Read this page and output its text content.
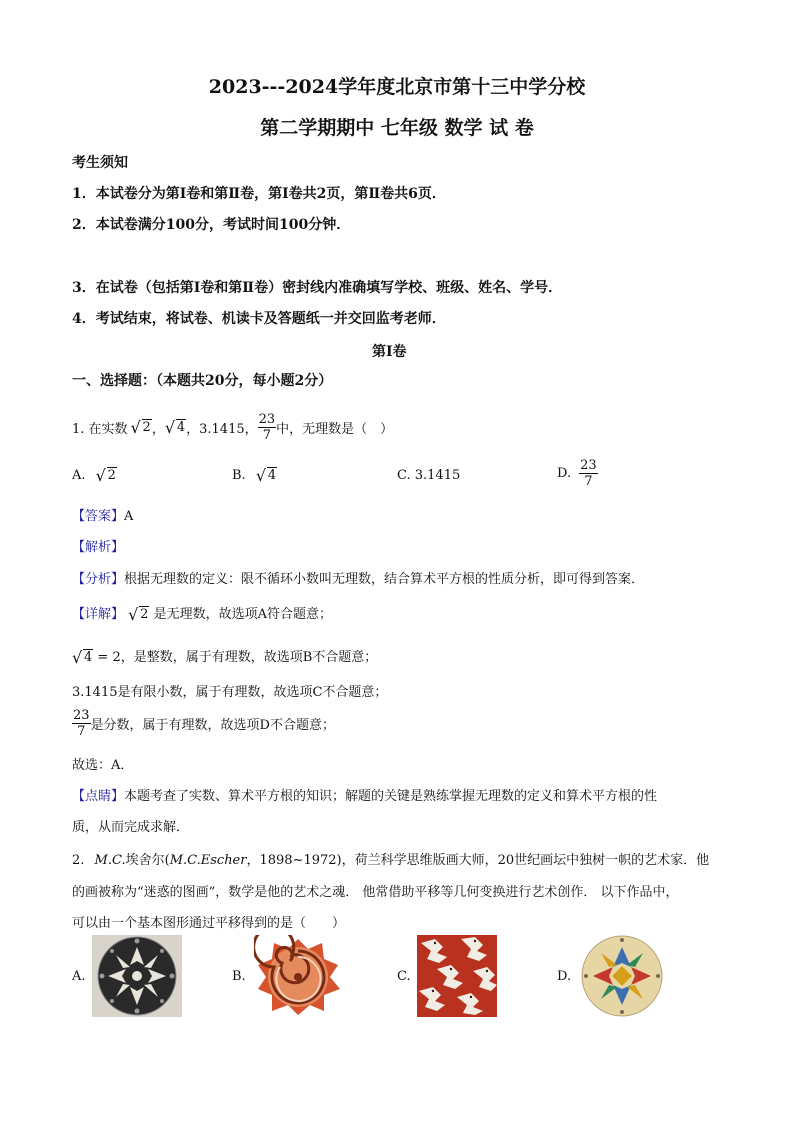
2023---2024学年度北京市第十三中学分校
第二学期期中 七年级 数学 试 卷
考生须知
1．本试卷分为第Ⅰ卷和第Ⅱ卷，第Ⅰ卷共2页，第Ⅱ卷共6页．
2．本试卷满分100分，考试时间100分钟．
3．在试卷（包括第Ⅰ卷和第Ⅱ卷）密封线内准确填写学校、班级、姓名、学号．
4．考试结束，将试卷、机读卡及答题纸一并交回监考老师．
第Ⅰ卷
一、选择题：（本题共20分，每小题2分）
1. 在实数	√ 2 ， √ 4 ，3.1415， $\frac{23}{7}$ 中，无理数是（　）
A. √ 2	B. √ 4	C. 3.1415	D. $\frac{23}{7}$
【答案】A
【解析】
【分析】根据无理数的定义：限不循环小数叫无理数，结合算术平方根的性质分析，即可得到答案．
【详解】 √ 2 是无理数，故选项A符合题意；
√ 4 = 2，是整数，属于有理数，故选项B不合题意；
3.1415是有限小数，属于有理数，故选项C不合题意；
$\frac{23}{7}$ 是分数，属于有理数，故选项D不合题意；
故选：A．
【点睛】本题考查了实数、算术平方根的知识；解题的关键是熟练掌握无理数的定义和算术平方根的性
质，从而完成求解．
2. M.C.埃舍尔(M.C.Escher，1898~1972)，荷兰科学思维版画大师，20世纪画坛中独树一帜的艺术家．他
的画被称为“迷惑的图画”，数学是他的艺术之魂． 他常借助平移等几何变换进行艺术创作． 以下作品中，
可以由一个基本图形通过平移得到的是（　　）
A.	B.	C.	D.
